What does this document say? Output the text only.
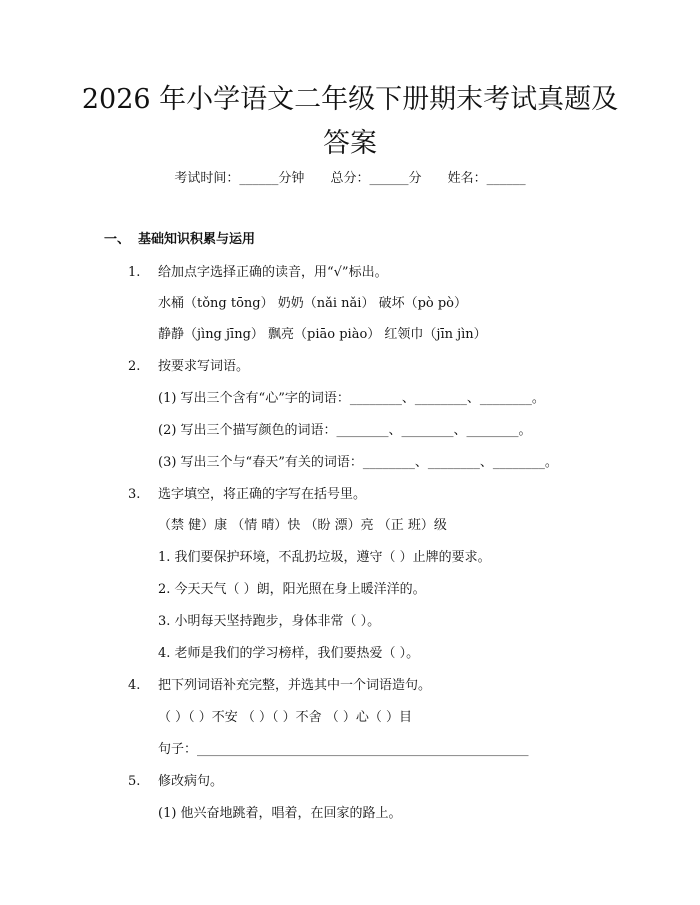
2026 年小学语文二年级下册期末考试真题及
答案
考试时间：______分钟 总分：______分 姓名：______
一、 基础知识积累与运用
1. 给加点字选择正确的读音，用“√”标出。
水桶（tǒng tōng） 奶奶（nǎi nǎi） 破坏（pò pò）
静静（jìng jīng） 飘亮（piāo piào） 红领巾（jīn jìn）
2. 按要求写词语。
(1) 写出三个含有“心”字的词语：________、________、________。
(2) 写出三个描写颜色的词语：________、________、________。
(3) 写出三个与“春天”有关的词语：________、________、________。
3. 选字填空，将正确的字写在括号里。
（禁 健）康 （情 晴）快 （盼 漂）亮 （正 班）级
1. 我们要保护环境，不乱扔垃圾，遵守（ ）止牌的要求。
2. 今天天气（ ）朗，阳光照在身上暖洋洋的。
3. 小明每天坚持跑步，身体非常（ ）。
4. 老师是我们的学习榜样，我们要热爱（ ）。
4. 把下列词语补充完整，并选其中一个词语造句。
（ ）（ ）不安 （ ）（ ）不舍 （ ）心（ ）目
句子：___________________________________________________
5. 修改病句。
(1) 他兴奋地跳着，唱着，在回家的路上。
